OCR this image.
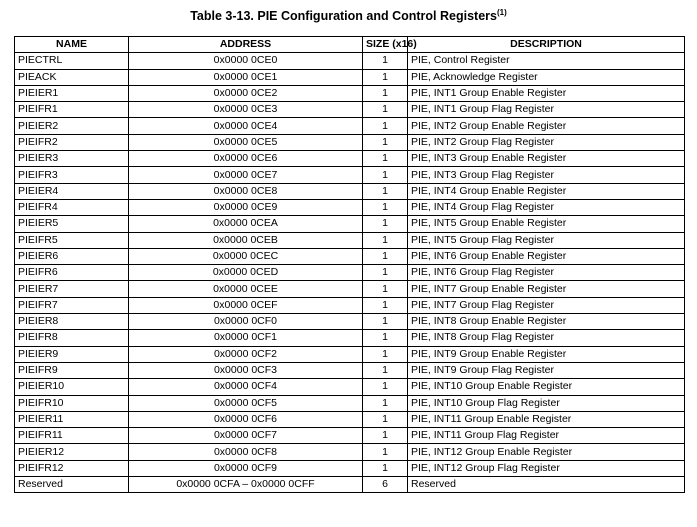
Table 3-13. PIE Configuration and Control Registers$^{(1)}$
NAME	ADDRESS	SIZE (x16)	DESCRIPTION
PIECTRL	0x0000 0CE0	1	PIE, Control Register
PIEACK	0x0000 0CE1	1	PIE, Acknowledge Register
PIEIER1	0x0000 0CE2	1	PIE, INT1 Group Enable Register
PIEIFR1	0x0000 0CE3	1	PIE, INT1 Group Flag Register
PIEIER2	0x0000 0CE4	1	PIE, INT2 Group Enable Register
PIEIFR2	0x0000 0CE5	1	PIE, INT2 Group Flag Register
PIEIER3	0x0000 0CE6	1	PIE, INT3 Group Enable Register
PIEIFR3	0x0000 0CE7	1	PIE, INT3 Group Flag Register
PIEIER4	0x0000 0CE8	1	PIE, INT4 Group Enable Register
PIEIFR4	0x0000 0CE9	1	PIE, INT4 Group Flag Register
PIEIER5	0x0000 0CEA	1	PIE, INT5 Group Enable Register
PIEIFR5	0x0000 0CEB	1	PIE, INT5 Group Flag Register
PIEIER6	0x0000 0CEC	1	PIE, INT6 Group Enable Register
PIEIFR6	0x0000 0CED	1	PIE, INT6 Group Flag Register
PIEIER7	0x0000 0CEE	1	PIE, INT7 Group Enable Register
PIEIFR7	0x0000 0CEF	1	PIE, INT7 Group Flag Register
PIEIER8	0x0000 0CF0	1	PIE, INT8 Group Enable Register
PIEIFR8	0x0000 0CF1	1	PIE, INT8 Group Flag Register
PIEIER9	0x0000 0CF2	1	PIE, INT9 Group Enable Register
PIEIFR9	0x0000 0CF3	1	PIE, INT9 Group Flag Register
PIEIER10	0x0000 0CF4	1	PIE, INT10 Group Enable Register
PIEIFR10	0x0000 0CF5	1	PIE, INT10 Group Flag Register
PIEIER11	0x0000 0CF6	1	PIE, INT11 Group Enable Register
PIEIFR11	0x0000 0CF7	1	PIE, INT11 Group Flag Register
PIEIER12	0x0000 0CF8	1	PIE, INT12 Group Enable Register
PIEIFR12	0x0000 0CF9	1	PIE, INT12 Group Flag Register
Reserved	0x0000 0CFA – 0x0000 0CFF	6	Reserved
